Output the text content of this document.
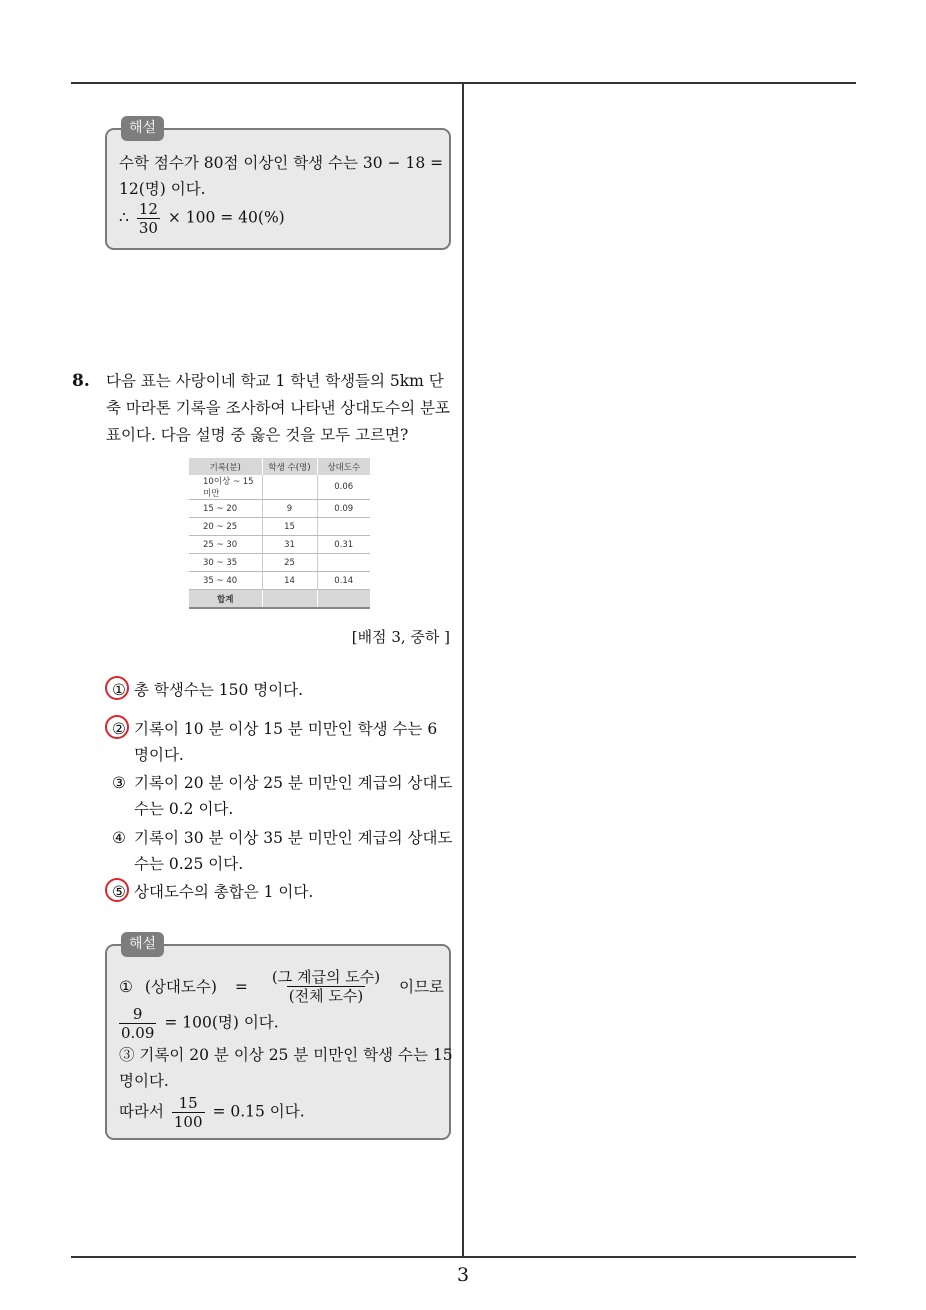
해설
수학 점수가 80점 이상인 학생 수는 30 − 18 =
12(명) 이다.
∴ $\frac{12}{30} \times 100 = 40(\%)$
8. 다음 표는 사랑이네 학교 1 학년 학생들의 5km 단축 마라톤 기록을 조사하여 나타낸 상대도수의 분포표이다. 다음 설명 중 옳은 것을 모두 고르면?
기록(분)	학생 수(명)	상대도수
10이상 ~ 15미만		0.06
15 ~ 20	9	0.09
20 ~ 25	15	
25 ~ 30	31	0.31
30 ~ 35	25	
35 ~ 40	14	0.14
합계		
[배점 3, 중하 ]
① 총 학생수는 150 명이다.
② 기록이 10 분 이상 15 분 미만인 학생 수는 6 명이다.
③ 기록이 20 분 이상 25 분 미만인 계급의 상대도수는 0.2 이다.
④ 기록이 30 분 이상 35 분 미만인 계급의 상대도수는 0.25 이다.
⑤ 상대도수의 총합은 1 이다.
해설
① (상대도수) = $\frac{\text{(그 계급의 도수)}}{\text{(전체 도수)}}$ 이므로
$\frac{9}{0.09} = 100$(명) 이다.
③ 기록이 20 분 이상 25 분 미만인 학생 수는 15
명이다.
따라서 $\frac{15}{100} = 0.15$ 이다.
3
